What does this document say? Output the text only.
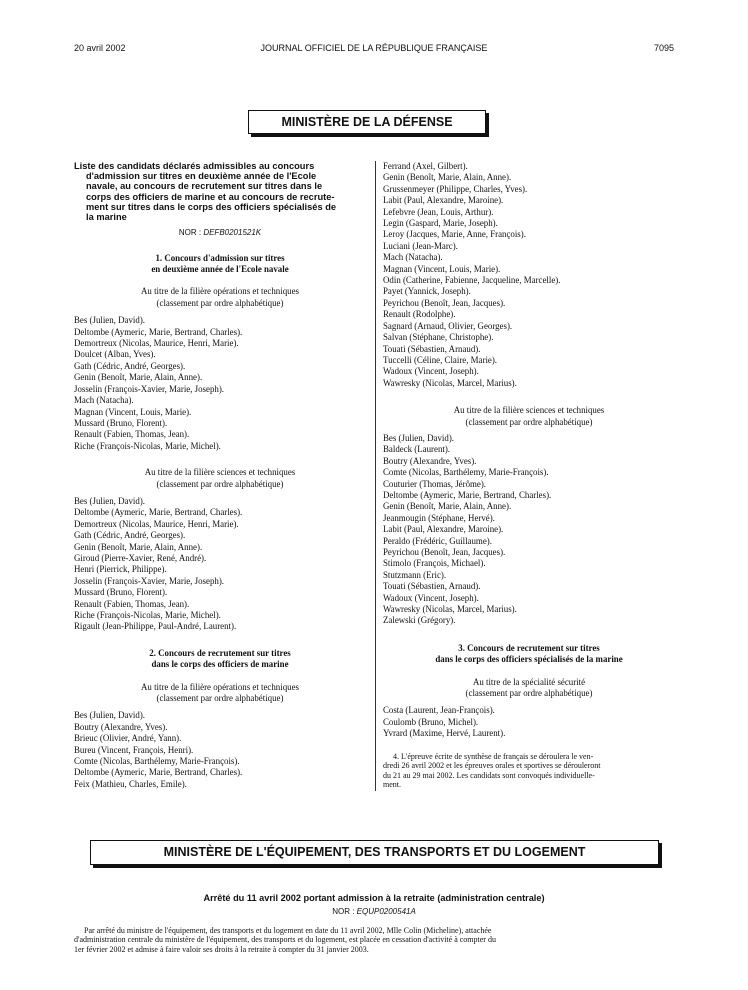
20 avril 2002	JOURNAL OFFICIEL DE LA RÉPUBLIQUE FRANÇAISE	7095
MINISTÈRE DE LA DÉFENSE
Liste des candidats déclarés admissibles au concours
d'admission sur titres en deuxième année de l'Ecole
navale, au concours de recrutement sur titres dans le
corps des officiers de marine et au concours de recrute-
ment sur titres dans le corps des officiers spécialisés de
la marine
NOR : DEFB0201521K
1. Concours d'admission sur titres
en deuxième année de l'Ecole navale
Au titre de la filière opérations et techniques
(classement par ordre alphabétique)
Bes (Julien, David).
Deltombe (Aymeric, Marie, Bertrand, Charles).
Demortreux (Nicolas, Maurice, Henri, Marie).
Doulcet (Alban, Yves).
Gath (Cédric, André, Georges).
Genin (Benoît, Marie, Alain, Anne).
Josselin (François-Xavier, Marie, Joseph).
Mach (Natacha).
Magnan (Vincent, Louis, Marie).
Mussard (Bruno, Florent).
Renault (Fabien, Thomas, Jean).
Riche (François-Nicolas, Marie, Michel).
Au titre de la filière sciences et techniques
(classement par ordre alphabétique)
Bes (Julien, David).
Deltombe (Aymeric, Marie, Bertrand, Charles).
Demortreux (Nicolas, Maurice, Henri, Marie).
Gath (Cédric, André, Georges).
Genin (Benoît, Marie, Alain, Anne).
Giroud (Pierre-Xavier, René, André).
Henri (Pierrick, Philippe).
Josselin (François-Xavier, Marie, Joseph).
Mussard (Bruno, Florent).
Renault (Fabien, Thomas, Jean).
Riche (François-Nicolas, Marie, Michel).
Rigault (Jean-Philippe, Paul-André, Laurent).
2. Concours de recrutement sur titres
dans le corps des officiers de marine
Au titre de la filière opérations et techniques
(classement par ordre alphabétique)
Bes (Julien, David).
Boutry (Alexandre, Yves).
Brieuc (Olivier, André, Yann).
Bureu (Vincent, François, Henri).
Comte (Nicolas, Barthélemy, Marie-François).
Deltombe (Aymeric, Marie, Bertrand, Charles).
Feix (Mathieu, Charles, Emile).
Ferrand (Axel, Gilbert).
Genin (Benoît, Marie, Alain, Anne).
Grussenmeyer (Philippe, Charles, Yves).
Labit (Paul, Alexandre, Maroine).
Lefebvre (Jean, Louis, Arthur).
Legin (Gaspard, Marie, Joseph).
Leroy (Jacques, Marie, Anne, François).
Luciani (Jean-Marc).
Mach (Natacha).
Magnan (Vincent, Louis, Marie).
Odin (Catherine, Fabienne, Jacqueline, Marcelle).
Payet (Yannick, Joseph).
Peyrichou (Benoît, Jean, Jacques).
Renault (Rodolphe).
Sagnard (Arnaud, Olivier, Georges).
Salvan (Stéphane, Christophe).
Touati (Sébastien, Arnaud).
Tuccelli (Céline, Claire, Marie).
Wadoux (Vincent, Joseph).
Wawresky (Nicolas, Marcel, Marius).
Au titre de la filière sciences et techniques
(classement par ordre alphabétique)
Bes (Julien, David).
Baldeck (Laurent).
Boutry (Alexandre, Yves).
Comte (Nicolas, Barthélemy, Marie-François).
Couturier (Thomas, Jérôme).
Deltombe (Aymeric, Marie, Bertrand, Charles).
Genin (Benoît, Marie, Alain, Anne).
Jeanmougin (Stéphane, Hervé).
Labit (Paul, Alexandre, Maroine).
Peraldo (Frédéric, Guillaume).
Peyrichou (Benoît, Jean, Jacques).
Stimolo (François, Michael).
Stutzmann (Eric).
Touati (Sébastien, Arnaud).
Wadoux (Vincent, Joseph).
Wawresky (Nicolas, Marcel, Marius).
Zalewski (Grégory).
3. Concours de recrutement sur titres
dans le corps des officiers spécialisés de la marine
Au titre de la spécialité sécurité
(classement par ordre alphabétique)
Costa (Laurent, Jean-François).
Coulomb (Bruno, Michel).
Yvrard (Maxime, Hervé, Laurent).
4. L'épreuve écrite de synthèse de français se déroulera le ven-
dredi 26 avril 2002 et les épreuves orales et sportives se dérouleront
du 21 au 29 mai 2002. Les candidats sont convoqués individuelle-
ment.
MINISTÈRE DE L'ÉQUIPEMENT, DES TRANSPORTS ET DU LOGEMENT
Arrêté du 11 avril 2002 portant admission à la retraite (administration centrale)
NOR : EQUP0200541A
Par arrêté du ministre de l'équipement, des transports et du logement en date du 11 avril 2002, Mlle Colin (Micheline), attachée
d'administration centrale du ministère de l'équipement, des transports et du logement, est placée en cessation d'activité à compter du
1er février 2002 et admise à faire valoir ses droits à la retraite à compter du 31 janvier 2003.
